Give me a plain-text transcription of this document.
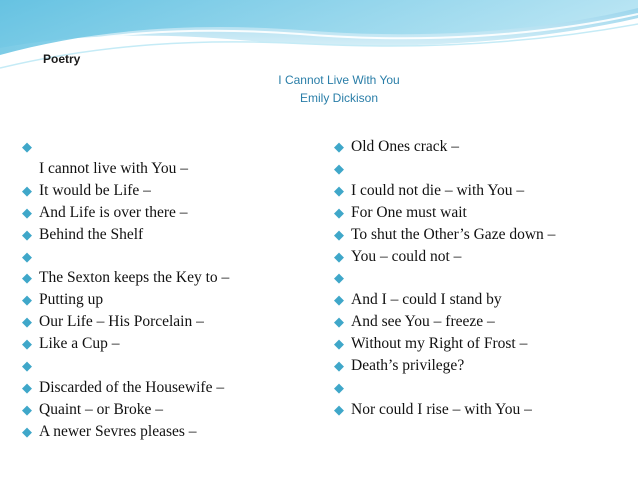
Poetry
I Cannot Live With You
Emily Dickison
◆
I cannot live with You –
◆ It would be Life –
◆ And Life is over there –
◆ Behind the Shelf
◆

◆ The Sexton keeps the Key to –
◆ Putting up
◆ Our Life – His Porcelain –
◆ Like a Cup –
◆

◆ Discarded of the Housewife –
◆ Quaint – or Broke –
◆ A newer Sevres pleases –
◆ Old Ones crack –
◆

◆ I could not die – with You –
◆ For One must wait
◆ To shut the Other’s Gaze down –
◆ You – could not –
◆

◆ And I – could I stand by
◆ And see You – freeze –
◆ Without my Right of Frost –
◆ Death’s privilege?
◆

◆ Nor could I rise – with You –
